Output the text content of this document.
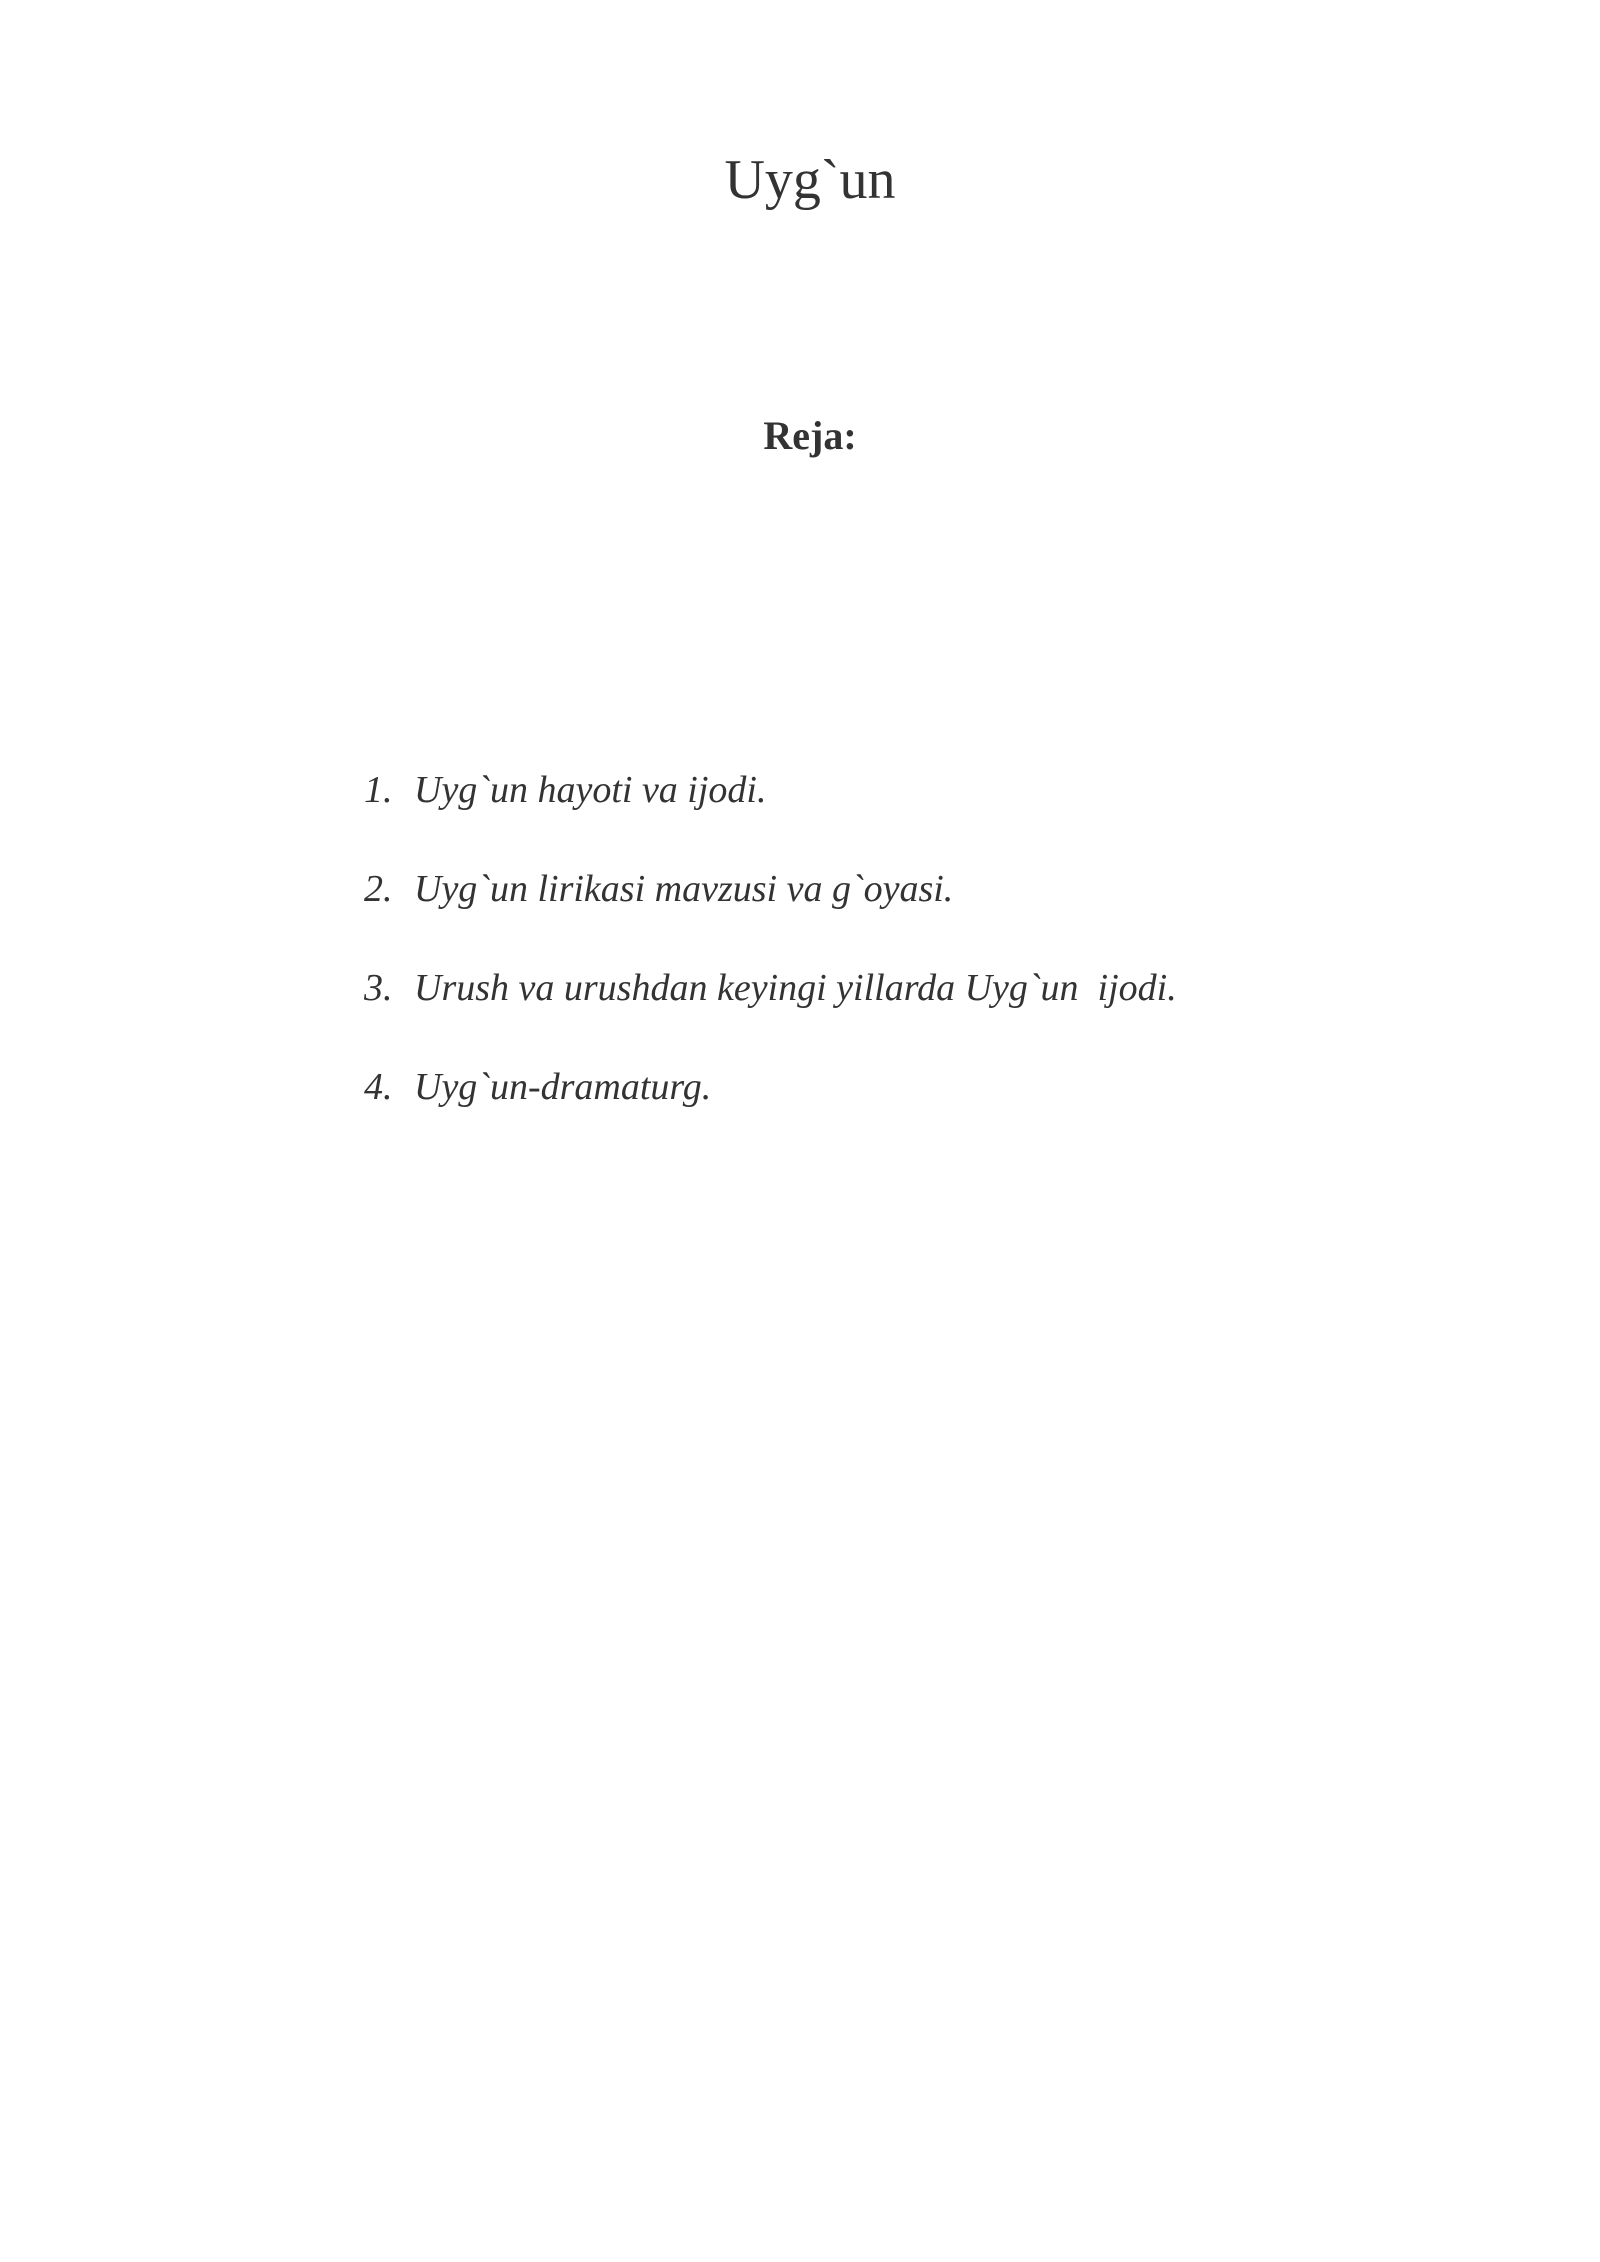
Uyg`un
Reja:

1. Uyg`un hayoti va ijodi.

2. Uyg`un lirikasi mavzusi va g`oyasi.

3. Urush va urushdan keyingi yillarda Uyg`un  ijodi.

4. Uyg`un-dramaturg.
